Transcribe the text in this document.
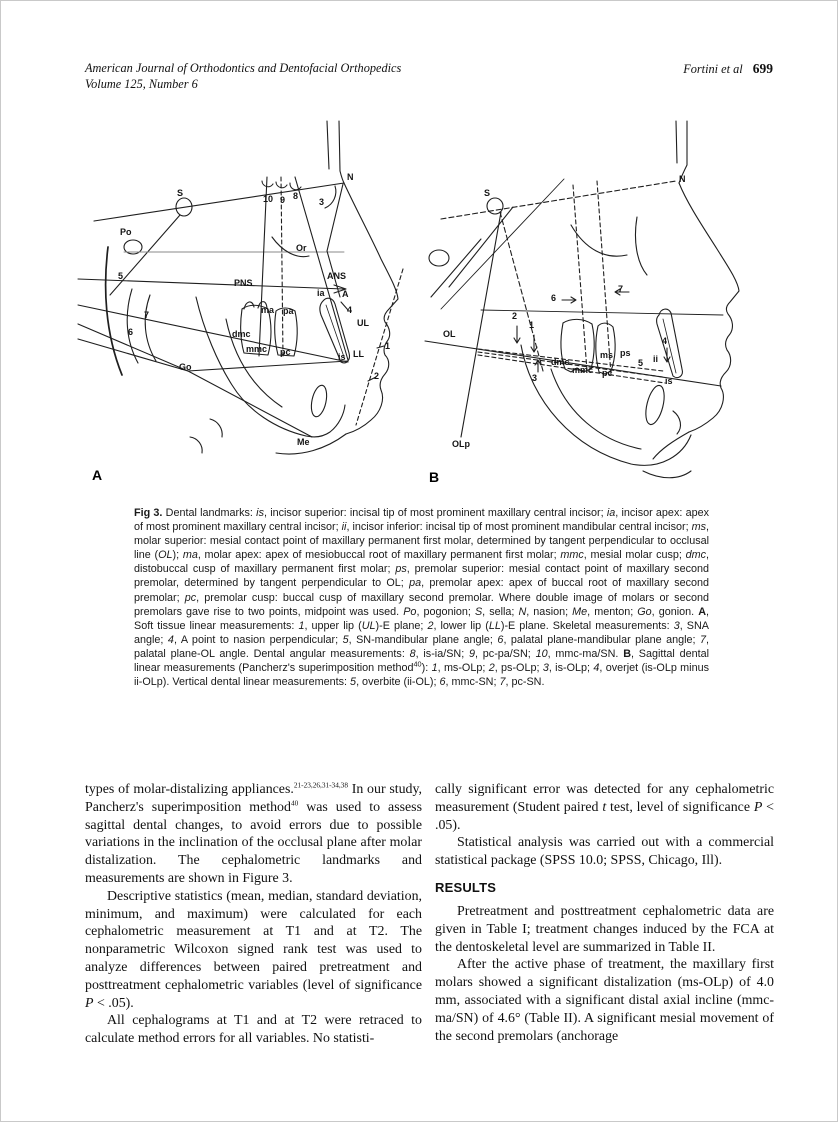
American Journal of Orthodontics and Dentofacial Orthopedics
Volume 125, Number 6
Fortini et al 699
S
Po
5
7
6
Go
Me
N
10 9 8
3
Or
PNS
ANS
ia A
4
ma pa
dmc
mmc pc
UL
LL
is
1
2
A
S
N
6
7
OL
OLp
2
1
3
dmc
mmc pc
ms ps
5 ii
4
is
B
Fig 3. Dental landmarks: is, incisor superior: incisal tip of most prominent maxillary central incisor; ia, incisor apex: apex of most prominent maxillary central incisor; ii, incisor inferior: incisal tip of most prominent mandibular central incisor; ms, molar superior: mesial contact point of maxillary permanent first molar, determined by tangent perpendicular to occlusal line (OL); ma, molar apex: apex of mesiobuccal root of maxillary permanent first molar; mmc, mesial molar cusp; dmc, distobuccal cusp of maxillary permanent first molar; ps, premolar superior: mesial contact point of maxillary second premolar, determined by tangent perpendicular to OL; pa, premolar apex: apex of buccal root of maxillary second premolar; pc, premolar cusp: buccal cusp of maxillary second premolar. Where double image of molars or second premolars gave rise to two points, midpoint was used. Po, pogonion; S, sella; N, nasion; Me, menton; Go, gonion. A, Soft tissue linear measurements: 1, upper lip (UL)-E plane; 2, lower lip (LL)-E plane. Skeletal measurements: 3, SNA angle; 4, A point to nasion perpendicular; 5, SN-mandibular plane angle; 6, palatal plane-mandibular plane angle; 7, palatal plane-OL angle. Dental angular measurements: 8, is-ia/SN; 9, pc-pa/SN; 10, mmc-ma/SN. B, Sagittal dental linear measurements (Pancherz's superimposition method$^{40}$): 1, ms-OLp; 2, ps-OLp; 3, is-OLp; 4, overjet (is-OLp minus ii-OLp). Vertical dental linear measurements: 5, overbite (ii-OL); 6, mmc-SN; 7, pc-SN.

types of molar-distalizing appliances.$^{21-23,26,31-34,38}$ In our study, Pancherz's superimposition method$^{40}$ was used to assess sagittal dental changes, to avoid errors due to possible variations in the inclination of the occlusal plane after molar distalization. The cephalometric landmarks and measurements are shown in Figure 3.

Descriptive statistics (mean, median, standard deviation, minimum, and maximum) were calculated for each cephalometric measurement at T1 and at T2. The nonparametric Wilcoxon signed rank test was used to analyze differences between paired pretreatment and posttreatment cephalometric variables (level of significance P < .05).

All cephalograms at T1 and at T2 were retraced to calculate method errors for all variables. No statisti-

cally significant error was detected for any cephalometric measurement (Student paired t test, level of significance P < .05).

Statistical analysis was carried out with a commercial statistical package (SPSS 10.0; SPSS, Chicago, Ill).

RESULTS

Pretreatment and posttreatment cephalometric data are given in Table I; treatment changes induced by the FCA at the dentoskeletal level are summarized in Table II.

After the active phase of treatment, the maxillary first molars showed a significant distalization (ms-OLp) of 4.0 mm, associated with a significant distal axial incline (mmc-ma/SN) of 4.6° (Table II). A significant mesial movement of the second premolars (anchorage
